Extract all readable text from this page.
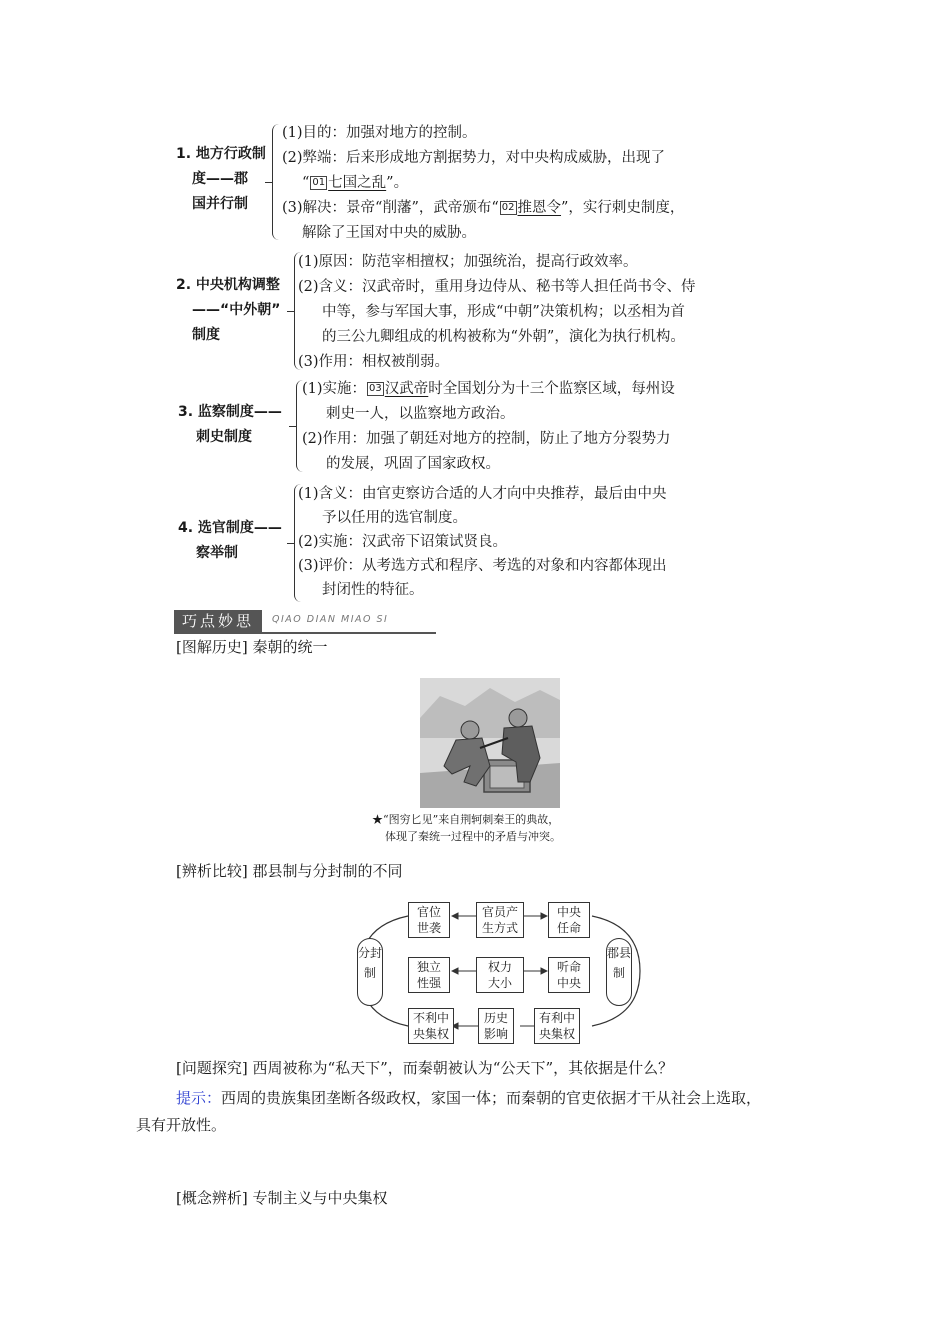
1. 地方行政制
度——郡
国并行制
(1)目的：加强对地方的控制。
(2)弊端：后来形成地方割据势力，对中央构成威胁，出现了
“ 01 七国之乱”。
(3)解决：景帝“削藩”，武帝颁布“ 02 推恩令”，实行刺史制度，
解除了王国对中央的威胁。
2. 中央机构调整
——“中外朝”
制度
(1)原因：防范宰相擅权；加强统治，提高行政效率。
(2)含义：汉武帝时，重用身边侍从、秘书等人担任尚书令、侍
中等，参与军国大事，形成“中朝”决策机构；以丞相为首
的三公九卿组成的机构被称为“外朝”，演化为执行机构。
(3)作用：相权被削弱。
3. 监察制度——
刺史制度
(1)实施： 03 汉武帝时全国划分为十三个监察区域，每州设
刺史一人，以监察地方政治。
(2)作用：加强了朝廷对地方的控制，防止了地方分裂势力
的发展，巩固了国家政权。
4. 选官制度——
察举制
(1)含义：由官吏察访合适的人才向中央推荐，最后由中央
予以任用的选官制度。
(2)实施：汉武帝下诏策试贤良。
(3)评价：从考选方式和程序、考选的对象和内容都体现出
封闭性的特征。
巧点妙思	QIAO DIAN MIAO SI
[图解历史] 秦朝的统一
★“图穷匕见”来自荆轲刺秦王的典故，
体现了秦统一过程中的矛盾与冲突。
[辨析比较] 郡县制与分封制的不同
分封制
郡县制
官位世袭
官员产生方式
中央任命
独立性强
权力大小
听命中央
不利中央集权
历史影响
有利中央集权
[问题探究] 西周被称为“私天下”，而秦朝被认为“公天下”，其依据是什么？
提示：西周的贵族集团垄断各级政权，家国一体；而秦朝的官吏依据才干从社会上选取，
具有开放性。
[概念辨析] 专制主义与中央集权
